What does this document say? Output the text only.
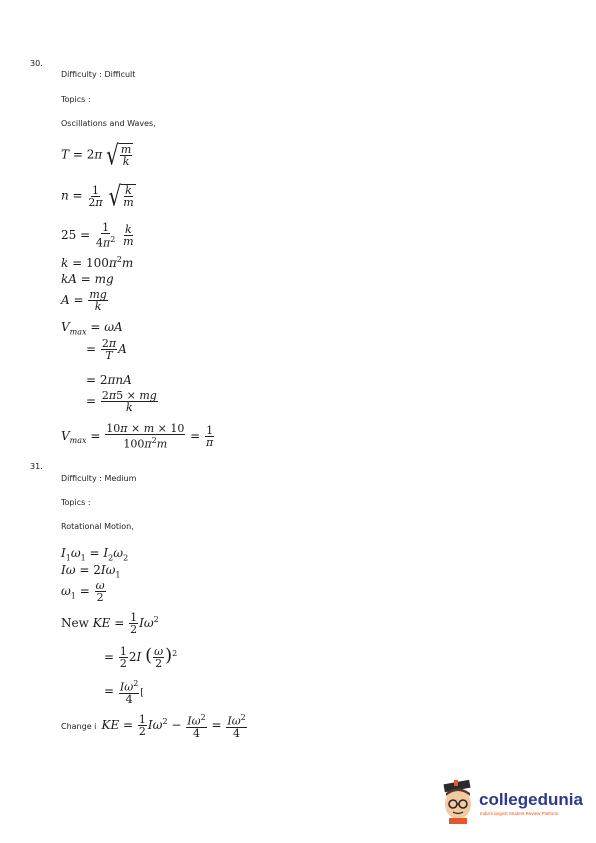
30.
Difficulty : Difficult
Topics :
Oscillations and Waves,
T = 2π √ $\frac{m}{k}$
$n = \frac{1}{2\pi}$
√ $\frac{k}{m}$
$25 = \frac{1}{4\pi^2}$
$\frac{k}{m}$
$k = 100\pi^2m$
kA = mg
$A = \frac{mg}{k}$
$V_{max} = \omega A$
= $\frac{2\pi}{T}$ A
= 2πnA
= $\frac{2\pi 5 \times mg}{k}$
$V_{max} = \frac{10\pi \times m \times 10}{100\pi^2m} = \frac{1}{\pi}$
31.
Difficulty : Medium
Topics :
Rotational Motion,
$I_1\omega_1 = I_2\omega_2$
$I\omega = 2I\omega_1$
$\omega_1 = \frac{\omega}{2}$
New KE = $\frac{1}{2} I\omega^2$
= $\frac{1}{2} 2I$ ( $\frac{\omega}{2} )^2$
= $\frac{I\omega^2}{4}$ [
Change i KE = $\frac{1}{2} I\omega^2 - \frac{I\omega^2}{4} = \frac{I\omega^2}{4}$
collegedunia
India's largest Student Review Platform
